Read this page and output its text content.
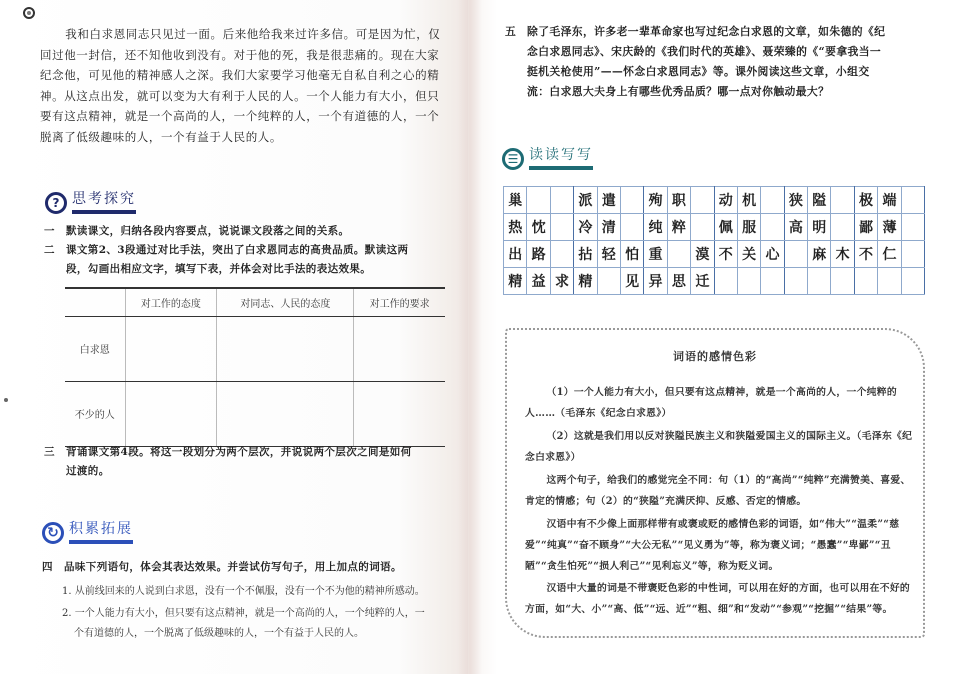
我和白求恩同志只见过一面。后来他给我来过许多信。可是因为忙，仅回过他一封信，还不知他收到没有。对于他的死，我是很悲痛的。现在大家纪念他，可见他的精神感人之深。我们大家要学习他毫无自私自利之心的精神。从这点出发，就可以变为大有利于人民的人。一个人能力有大小，但只要有这点精神，就是一个高尚的人，一个纯粹的人，一个有道德的人，一个脱离了低级趣味的人，一个有益于人民的人。
? 思考探究
一 默读课文，归纳各段内容要点，说说课文段落之间的关系。
二 课文第2、3段通过对比手法，突出了白求恩同志的高贵品质。默读这两
段，勾画出相应文字，填写下表，并体会对比手法的表达效果。
	对工作的态度	对同志、人民的态度	对工作的要求
白求恩			
不少的人			
三 背诵课文第4段。将这一段划分为两个层次，并说说两个层次之间是如何
过渡的。
↻ 积累拓展
四 品味下列语句，体会其表达效果。并尝试仿写句子，用上加点的词语。
1. 从前线回来的人说到白求恩，没有一个不佩服，没有一个不为他的精神所感动。
2. 一个人能力有大小，但只要有这点精神，就是一个高尚的人，一个纯粹的人，一
个有道德的人，一个脱离了低级趣味的人，一个有益于人民的人。
五 除了毛泽东，许多老一辈革命家也写过纪念白求恩的文章，如朱德的《纪
念白求恩同志》、宋庆龄的《我们时代的英雄》、聂荣臻的《“要拿我当一
挺机关枪使用”——怀念白求恩同志》等。课外阅读这些文章，小组交
流：白求恩大夫身上有哪些优秀品质？哪一点对你触动最大？
☰ 读读写写
巢			派	遣		殉	职		动	机		狭	隘		极	端	
热	忱		冷	清		纯	粹		佩	服		高	明		鄙	薄	
出	路		拈	轻	怕	重		漠	不	关	心		麻	木	不	仁	
精	益	求	精		见	异	思	迁									
词语的感情色彩
（1）一个人能力有大小，但只要有这点精神，就是一个高尚的人，一个纯粹的人……（毛泽东《纪念白求恩》）
（2）这就是我们用以反对狭隘民族主义和狭隘爱国主义的国际主义。（毛泽东《纪念白求恩》）
这两个句子，给我们的感觉完全不同：句（1）的“高尚”“纯粹”充满赞美、喜爱、肯定的情感；句（2）的“狭隘”充满厌抑、反感、否定的情感。
汉语中有不少像上面那样带有或褒或贬的感情色彩的词语，如“伟大”“温柔”“慈爱”“纯真”“奋不顾身”“大公无私”“见义勇为”等，称为褒义词；“愚蠢”“卑鄙”“丑陋”“贪生怕死”“损人利己”“见利忘义”等，称为贬义词。
汉语中大量的词是不带褒贬色彩的中性词，可以用在好的方面，也可以用在不好的方面，如“大、小”“高、低”“远、近”“粗、细”和“发动”“参观”“挖掘”“结果”等。
